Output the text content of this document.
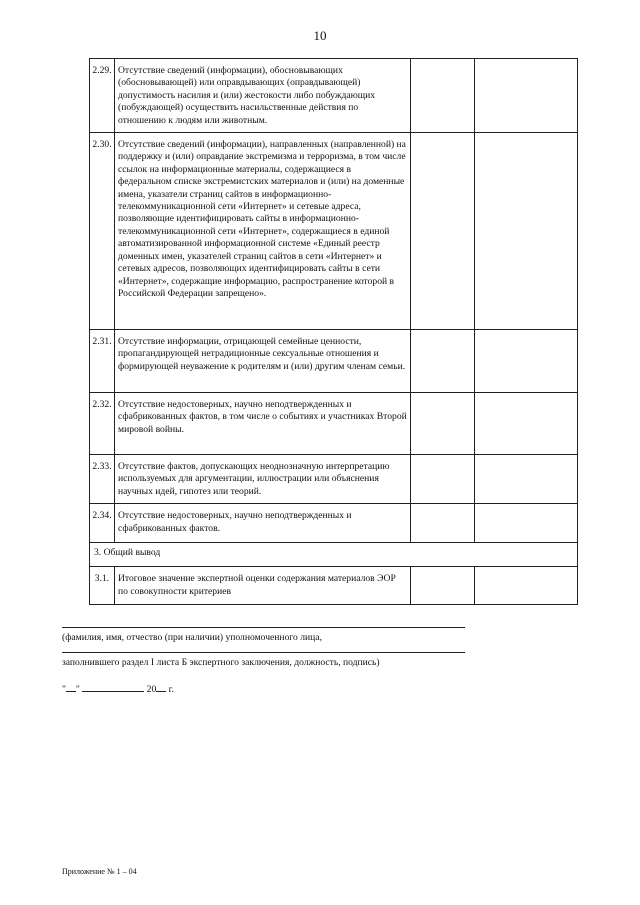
10
2.29.	Отсутствие сведений (информации), обосновывающих (обосновывающей) или оправдывающих (оправдывающей) допустимость насилия и (или) жестокости либо побуждающих (побуждающей) осуществить насильственные действия по отношению к людям или животным.		
2.30.	Отсутствие сведений (информации), направленных (направленной) на поддержку и (или) оправдание экстремизма и терроризма, в том числе ссылок на информационные материалы, содержащиеся в федеральном списке экстремистских материалов и (или) на доменные имена, указатели страниц сайтов в информационно-телекоммуникационной сети «Интернет» и сетевые адреса, позволяющие идентифицировать сайты в информационно-телекоммуникационной сети «Интернет», содержащиеся в единой автоматизированной информационной системе «Единый реестр доменных имен, указателей страниц сайтов в сети «Интернет» и сетевых адресов, позволяющих идентифицировать сайты в сети «Интернет», содержащие информацию, распространение которой в Российской Федерации запрещено».		
2.31.	Отсутствие информации, отрицающей семейные ценности, пропагандирующей нетрадиционные сексуальные отношения и формирующей неуважение к родителям и (или) другим членам семьи.		
2.32.	Отсутствие недостоверных, научно неподтвержденных и сфабрикованных фактов, в том числе о событиях и участниках Второй мировой войны.		
2.33.	Отсутствие фактов, допускающих неоднозначную интерпретацию используемых для аргументации, иллюстрации или объяснения научных идей, гипотез или теорий.		
2.34.	Отсутствие недостоверных, научно неподтвержденных и сфабрикованных фактов.		
3. Общий вывод			
3.1.	Итоговое значение экспертной оценки содержания материалов ЭОР по совокупности критериев		
(фамилия, имя, отчество (при наличии) уполномоченного лица,
заполнившего раздел I листа Б экспертного заключения, должность, подпись)
" "	20 г.
Приложение № 1 – 04
